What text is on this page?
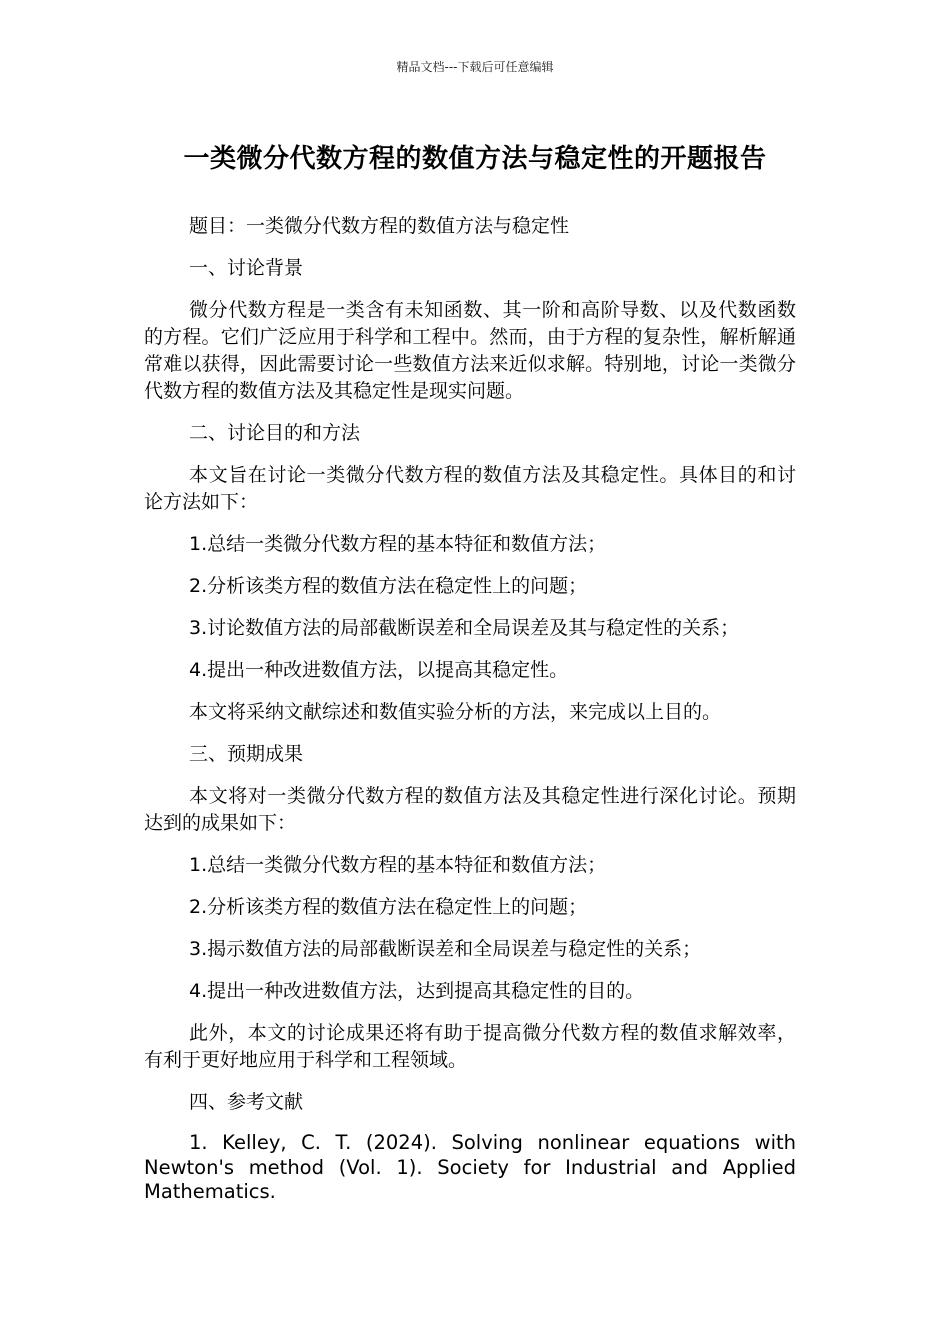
精品文档---下载后可任意编辑
一类微分代数方程的数值方法与稳定性的开题报告

题目：一类微分代数方程的数值方法与稳定性

一、讨论背景

微分代数方程是一类含有未知函数、其一阶和高阶导数、以及代数函数的方程。它们广泛应用于科学和工程中。然而，由于方程的复杂性，解析解通常难以获得，因此需要讨论一些数值方法来近似求解。特别地，讨论一类微分代数方程的数值方法及其稳定性是现实问题。

二、讨论目的和方法

本文旨在讨论一类微分代数方程的数值方法及其稳定性。具体目的和讨论方法如下：

1.总结一类微分代数方程的基本特征和数值方法；

2.分析该类方程的数值方法在稳定性上的问题；

3.讨论数值方法的局部截断误差和全局误差及其与稳定性的关系；

4.提出一种改进数值方法，以提高其稳定性。

本文将采纳文献综述和数值实验分析的方法，来完成以上目的。

三、预期成果

本文将对一类微分代数方程的数值方法及其稳定性进行深化讨论。预期达到的成果如下：

1.总结一类微分代数方程的基本特征和数值方法；

2.分析该类方程的数值方法在稳定性上的问题；

3.揭示数值方法的局部截断误差和全局误差与稳定性的关系；

4.提出一种改进数值方法，达到提高其稳定性的目的。

此外，本文的讨论成果还将有助于提高微分代数方程的数值求解效率，有利于更好地应用于科学和工程领域。

四、参考文献

1. Kelley, C. T. (2024). Solving nonlinear equations with Newton's method (Vol. 1). Society for Industrial and Applied Mathematics.
